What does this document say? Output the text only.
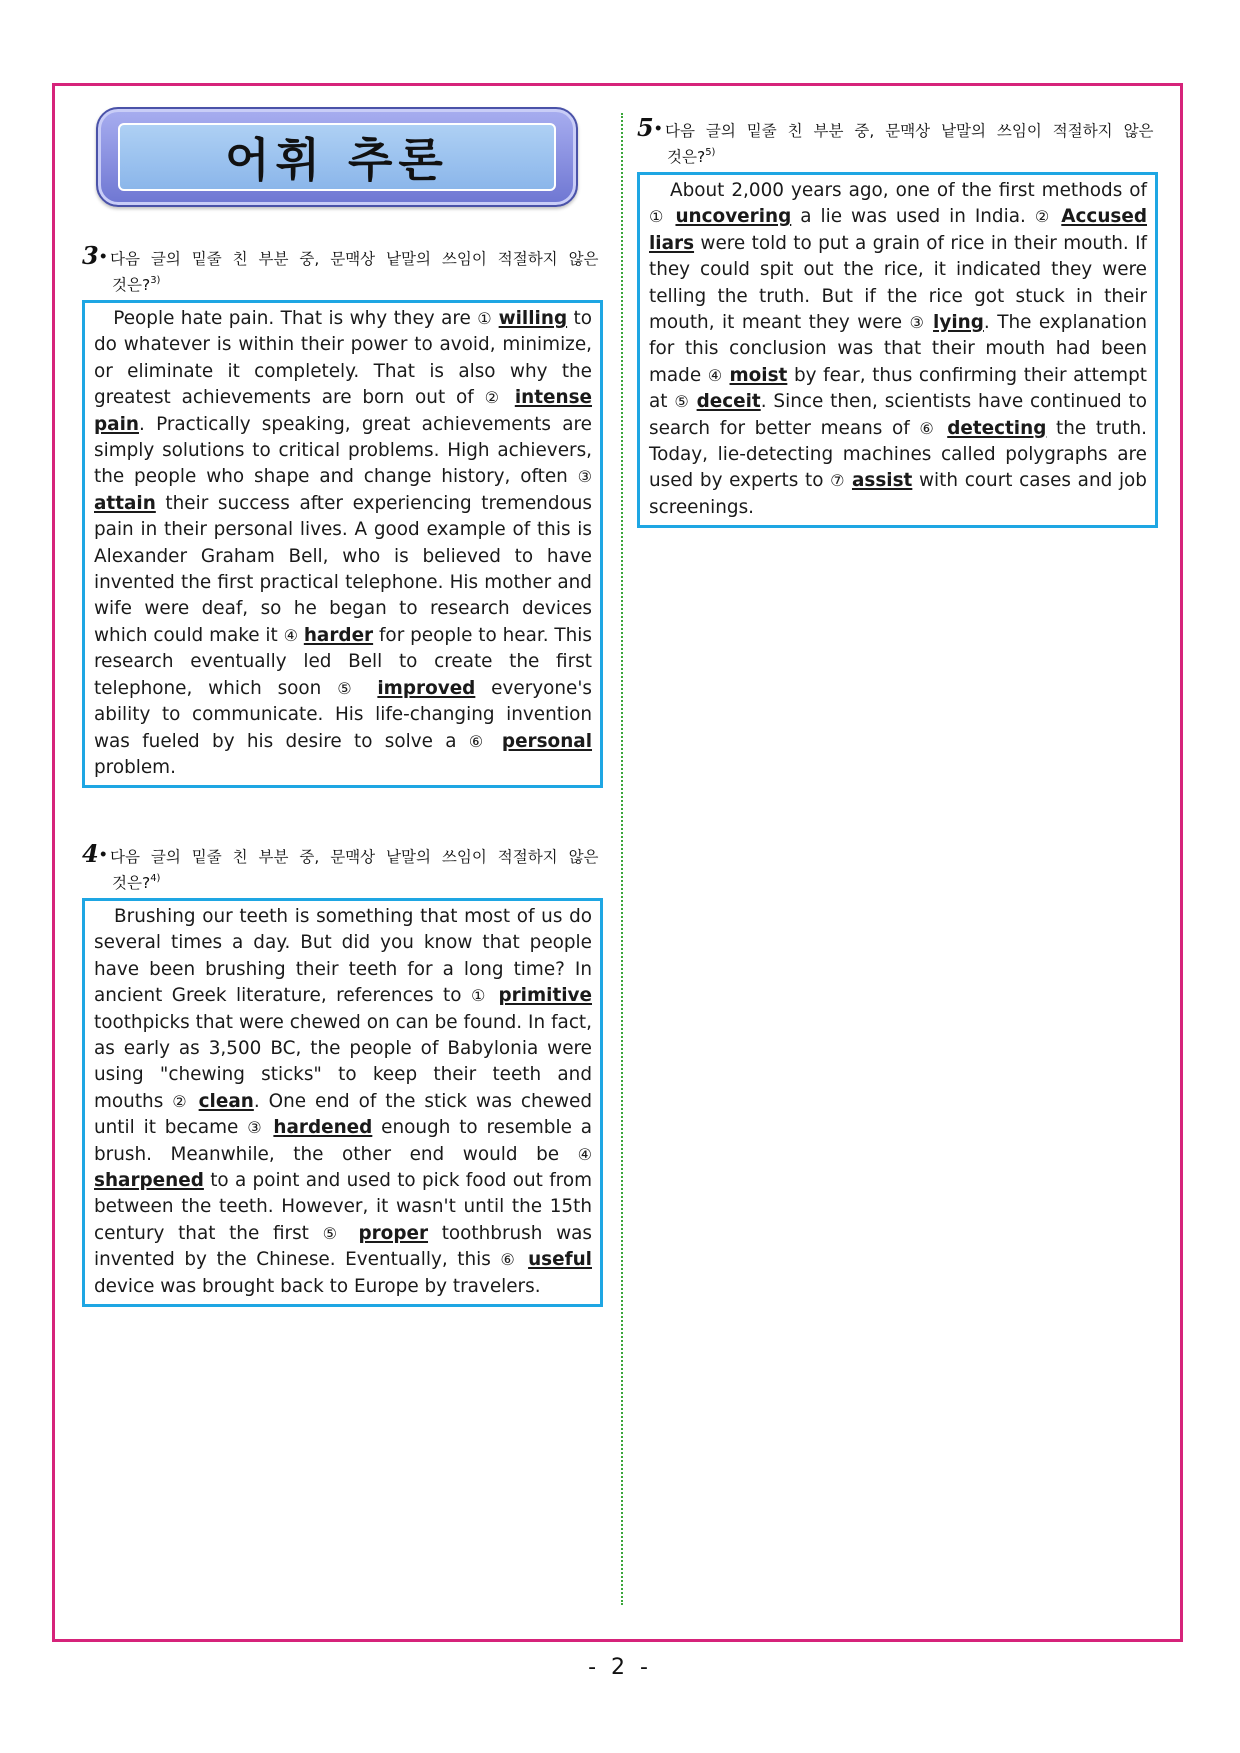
어휘 추론
3• 다음 글의 밑줄 친 부분 중, 문맥상 낱말의 쓰임이 적절하지 않은 것은?$^{3)}$
People hate pain. That is why they are ① willing to do whatever is within their power to avoid, minimize, or eliminate it completely. That is also why the greatest achievements are born out of ② intense pain. Practically speaking, great achievements are simply solutions to critical problems. High achievers, the people who shape and change history, often ③ attain their success after experiencing tremendous pain in their personal lives. A good example of this is Alexander Graham Bell, who is believed to have invented the first practical telephone. His mother and wife were deaf, so he began to research devices which could make it ④ harder for people to hear. This research eventually led Bell to create the first telephone, which soon ⑤ improved everyone's ability to communicate. His life-changing invention was fueled by his desire to solve a ⑥ personal problem.
4• 다음 글의 밑줄 친 부분 중, 문맥상 낱말의 쓰임이 적절하지 않은 것은?$^{4)}$
Brushing our teeth is something that most of us do several times a day. But did you know that people have been brushing their teeth for a long time? In ancient Greek literature, references to ① primitive toothpicks that were chewed on can be found. In fact, as early as 3,500 BC, the people of Babylonia were using "chewing sticks" to keep their teeth and mouths ② clean. One end of the stick was chewed until it became ③ hardened enough to resemble a brush. Meanwhile, the other end would be ④ sharpened to a point and used to pick food out from between the teeth. However, it wasn't until the 15th century that the first ⑤ proper toothbrush was invented by the Chinese. Eventually, this ⑥ useful device was brought back to Europe by travelers.
5• 다음 글의 밑줄 친 부분 중, 문맥상 낱말의 쓰임이 적절하지 않은 것은?$^{5)}$
About 2,000 years ago, one of the first methods of ① uncovering a lie was used in India. ② Accused liars were told to put a grain of rice in their mouth. If they could spit out the rice, it indicated they were telling the truth. But if the rice got stuck in their mouth, it meant they were ③ lying. The explanation for this conclusion was that their mouth had been made ④ moist by fear, thus confirming their attempt at ⑤ deceit. Since then, scientists have continued to search for better means of ⑥ detecting the truth. Today, lie-detecting machines called polygraphs are used by experts to ⑦ assist with court cases and job screenings.
- 2 -
